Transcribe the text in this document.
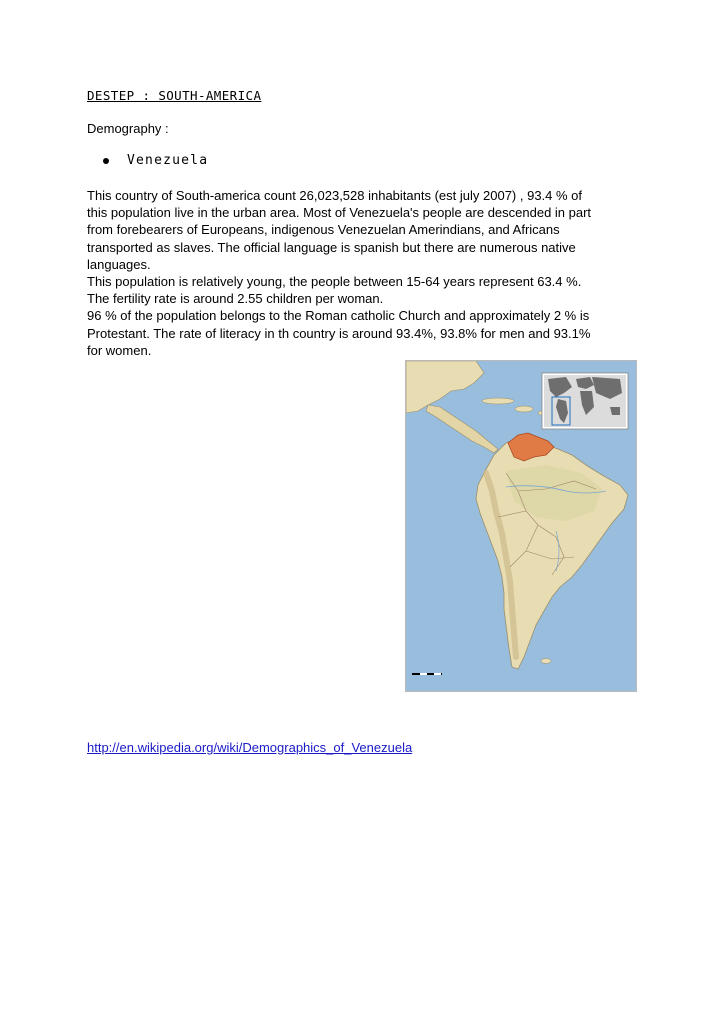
DESTEP : SOUTH-AMERICA
Demography :
Venezuela
This country of South-america count 26,023,528 inhabitants (est july 2007) , 93.4 % of
this population live in the urban area. Most of Venezuela's people are descended in part
from forebearers of Europeans, indigenous Venezuelan Amerindians, and Africans
transported as slaves. The official language is spanish but there are numerous native
languages.
This population is relatively young, the people between 15-64 years represent 63.4 %.
The fertility rate is around 2.55 children per woman.
96 % of the population belongs to the Roman catholic Church and approximately 2 % is
Protestant. The rate of literacy in th country is around 93.4%, 93.8% for men and 93.1%
for women.
http://en.wikipedia.org/wiki/Demographics_of_Venezuela
